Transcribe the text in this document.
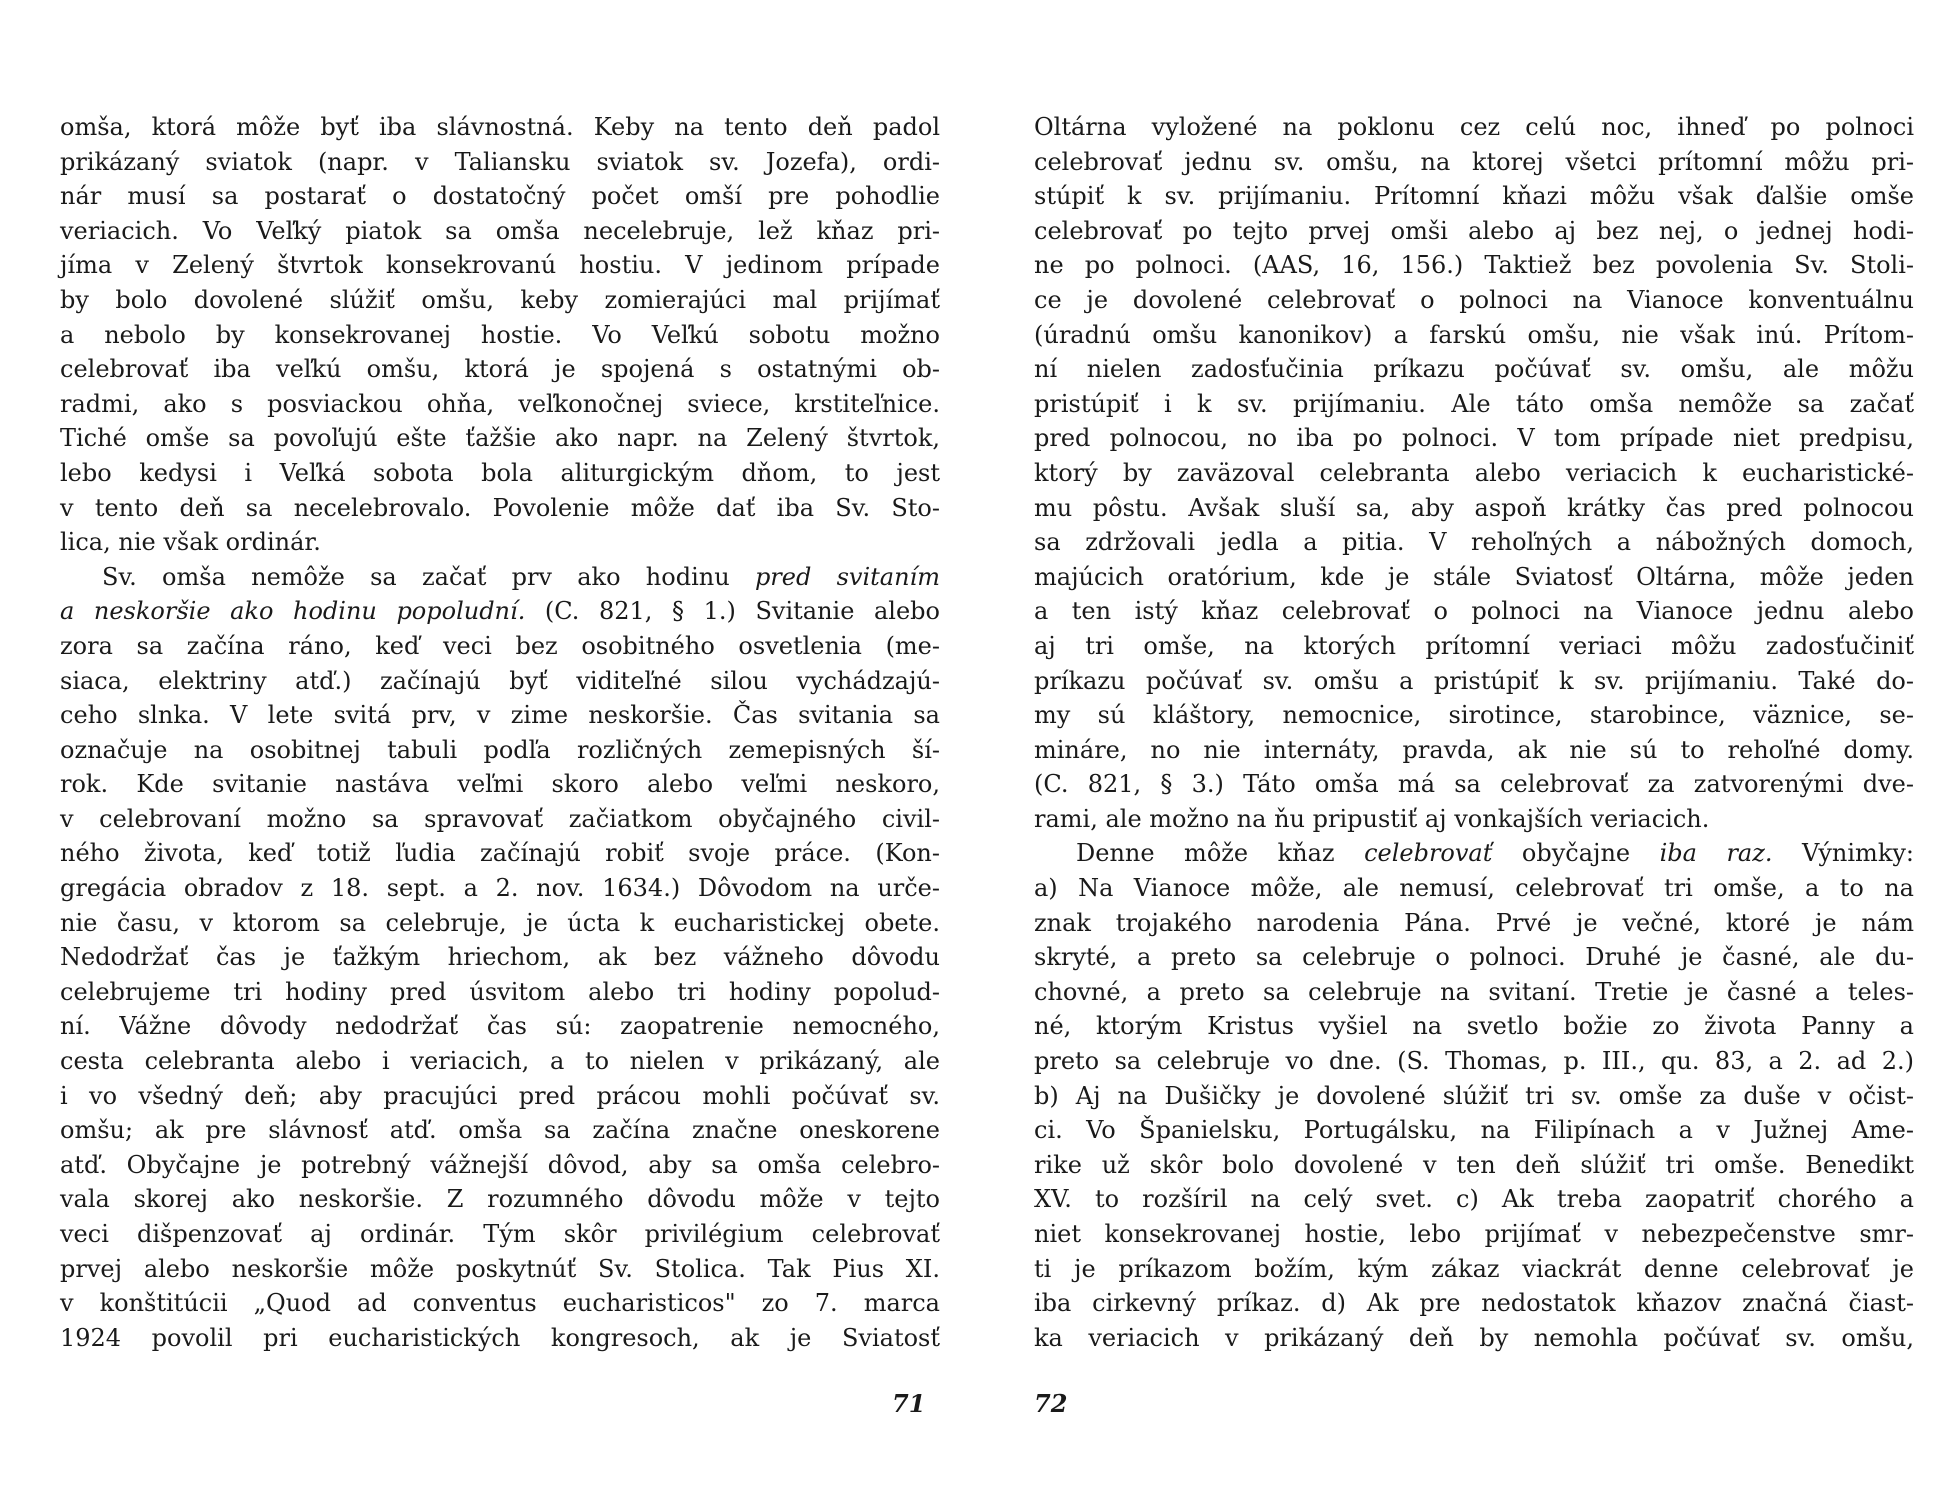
omša, ktorá môže byť iba slávnostná. Keby na tento deň padol
prikázaný sviatok (napr. v Taliansku sviatok sv. Jozefa), ordi-
nár musí sa postarať o dostatočný počet omší pre pohodlie
veriacich. Vo Veľký piatok sa omša necelebruje, lež kňaz pri-
jíma v Zelený štvrtok konsekrovanú hostiu. V jedinom prípade
by bolo dovolené slúžiť omšu, keby zomierajúci mal prijímať
a nebolo by konsekrovanej hostie. Vo Veľkú sobotu možno
celebrovať iba veľkú omšu, ktorá je spojená s ostatnými ob-
radmi, ako s posviackou ohňa, veľkonočnej sviece, krstiteľnice.
Tiché omše sa povoľujú ešte ťažšie ako napr. na Zelený štvrtok,
lebo kedysi i Veľká sobota bola aliturgickým dňom, to jest
v tento deň sa necelebrovalo. Povolenie môže dať iba Sv. Sto-
lica, nie však ordinár.
Sv. omša nemôže sa začať prv ako hodinu pred svitaním
a neskoršie ako hodinu popoludní. (C. 821, § 1.) Svitanie alebo
zora sa začína ráno, keď veci bez osobitného osvetlenia (me-
siaca, elektriny atď.) začínajú byť viditeľné silou vychádzajú-
ceho slnka. V lete svitá prv, v zime neskoršie. Čas svitania sa
označuje na osobitnej tabuli podľa rozličných zemepisných ší-
rok. Kde svitanie nastáva veľmi skoro alebo veľmi neskoro,
v celebrovaní možno sa spravovať začiatkom obyčajného civil-
ného života, keď totiž ľudia začínajú robiť svoje práce. (Kon-
gregácia obradov z 18. sept. a 2. nov. 1634.) Dôvodom na urče-
nie času, v ktorom sa celebruje, je úcta k eucharistickej obete.
Nedodržať čas je ťažkým hriechom, ak bez vážneho dôvodu
celebrujeme tri hodiny pred úsvitom alebo tri hodiny popolud-
ní. Vážne dôvody nedodržať čas sú: zaopatrenie nemocného,
cesta celebranta alebo i veriacich, a to nielen v prikázaný, ale
i vo všedný deň; aby pracujúci pred prácou mohli počúvať sv.
omšu; ak pre slávnosť atď. omša sa začína značne oneskorene
atď. Obyčajne je potrebný vážnejší dôvod, aby sa omša celebro-
vala skorej ako neskoršie. Z rozumného dôvodu môže v tejto
veci dišpenzovať aj ordinár. Tým skôr privilégium celebrovať
prvej alebo neskoršie môže poskytnúť Sv. Stolica. Tak Pius XI.
v konštitúcii „Quod ad conventus eucharisticos" zo 7. marca
1924 povolil pri eucharistických kongresoch, ak je Sviatosť
71
Oltárna vyložené na poklonu cez celú noc, ihneď po polnoci
celebrovať jednu sv. omšu, na ktorej všetci prítomní môžu pri-
stúpiť k sv. prijímaniu. Prítomní kňazi môžu však ďalšie omše
celebrovať po tejto prvej omši alebo aj bez nej, o jednej hodi-
ne po polnoci. (AAS, 16, 156.) Taktiež bez povolenia Sv. Stoli-
ce je dovolené celebrovať o polnoci na Vianoce konventuálnu
(úradnú omšu kanonikov) a farskú omšu, nie však inú. Prítom-
ní nielen zadosťučinia príkazu počúvať sv. omšu, ale môžu
pristúpiť i k sv. prijímaniu. Ale táto omša nemôže sa začať
pred polnocou, no iba po polnoci. V tom prípade niet predpisu,
ktorý by zaväzoval celebranta alebo veriacich k eucharistické-
mu pôstu. Avšak sluší sa, aby aspoň krátky čas pred polnocou
sa zdržovali jedla a pitia. V rehoľných a nábožných domoch,
majúcich oratórium, kde je stále Sviatosť Oltárna, môže jeden
a ten istý kňaz celebrovať o polnoci na Vianoce jednu alebo
aj tri omše, na ktorých prítomní veriaci môžu zadosťučiniť
príkazu počúvať sv. omšu a pristúpiť k sv. prijímaniu. Také do-
my sú kláštory, nemocnice, sirotince, starobince, väznice, se-
mináre, no nie internáty, pravda, ak nie sú to rehoľné domy.
(C. 821, § 3.) Táto omša má sa celebrovať za zatvorenými dve-
rami, ale možno na ňu pripustiť aj vonkajších veriacich.
Denne môže kňaz celebrovať obyčajne iba raz. Výnimky:
a) Na Vianoce môže, ale nemusí, celebrovať tri omše, a to na
znak trojakého narodenia Pána. Prvé je večné, ktoré je nám
skryté, a preto sa celebruje o polnoci. Druhé je časné, ale du-
chovné, a preto sa celebruje na svitaní. Tretie je časné a teles-
né, ktorým Kristus vyšiel na svetlo božie zo života Panny a
preto sa celebruje vo dne. (S. Thomas, p. III., qu. 83, a 2. ad 2.)
b) Aj na Dušičky je dovolené slúžiť tri sv. omše za duše v očist-
ci. Vo Španielsku, Portugálsku, na Filipínach a v Južnej Ame-
rike už skôr bolo dovolené v ten deň slúžiť tri omše. Benedikt
XV. to rozšíril na celý svet. c) Ak treba zaopatriť chorého a
niet konsekrovanej hostie, lebo prijímať v nebezpečenstve smr-
ti je príkazom božím, kým zákaz viackrát denne celebrovať je
iba cirkevný príkaz. d) Ak pre nedostatok kňazov značná čiast-
ka veriacich v prikázaný deň by nemohla počúvať sv. omšu,
72
